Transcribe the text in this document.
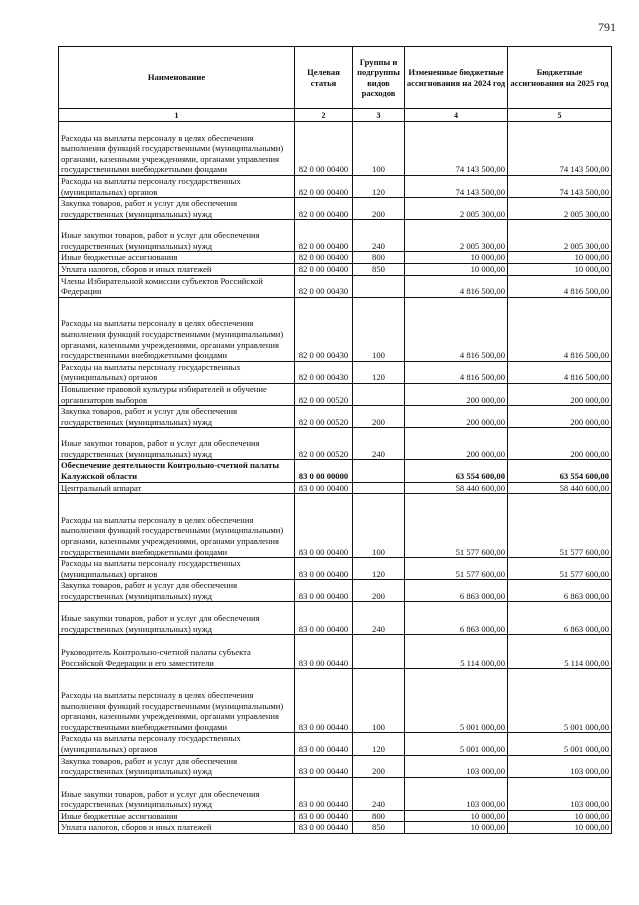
791
Наименование	Целевая статья	Группы и подгруппы видов расходов	Измененные бюджетные ассигнования на 2024 год	Бюджетные ассигнования на 2025 год
1	2	3	4	5
Расходы на выплаты персоналу в целях обеспечения выполнения функций государственными (муниципальными) органами, казенными учреждениями, органами управления государственными внебюджетными фондами	82 0 00 00400	100	74 143 500,00	74 143 500,00
Расходы на выплаты персоналу государственных (муниципальных) органов	82 0 00 00400	120	74 143 500,00	74 143 500,00
Закупка товаров, работ и услуг для обеспечения государственных (муниципальных) нужд	82 0 00 00400	200	2 005 300,00	2 005 300,00
Иные закупки товаров, работ и услуг для обеспечения государственных (муниципальных) нужд	82 0 00 00400	240	2 005 300,00	2 005 300,00
Иные бюджетные ассигнования	82 0 00 00400	800	10 000,00	10 000,00
Уплата налогов, сборов и иных платежей	82 0 00 00400	850	10 000,00	10 000,00
Члены Избирательной комиссии субъектов Российской Федерации	82 0 00 00430		4 816 500,00	4 816 500,00
Расходы на выплаты персоналу в целях обеспечения выполнения функций государственными (муниципальными) органами, казенными учреждениями, органами управления государственными внебюджетными фондами	82 0 00 00430	100	4 816 500,00	4 816 500,00
Расходы на выплаты персоналу государственных (муниципальных) органов	82 0 00 00430	120	4 816 500,00	4 816 500,00
Повышение правовой культуры избирателей и обучение организаторов выборов	82 0 00 00520		200 000,00	200 000,00
Закупка товаров, работ и услуг для обеспечения государственных (муниципальных) нужд	82 0 00 00520	200	200 000,00	200 000,00
Иные закупки товаров, работ и услуг для обеспечения государственных (муниципальных) нужд	82 0 00 00520	240	200 000,00	200 000,00
Обеспечение деятельности Контрольно-счетной палаты Калужской области	83 0 00 00000		63 554 600,00	63 554 600,00
Центральный аппарат	83 0 00 00400		58 440 600,00	58 440 600,00
Расходы на выплаты персоналу в целях обеспечения выполнения функций государственными (муниципальными) органами, казенными учреждениями, органами управления государственными внебюджетными фондами	83 0 00 00400	100	51 577 600,00	51 577 600,00
Расходы на выплаты персоналу государственных (муниципальных) органов	83 0 00 00400	120	51 577 600,00	51 577 600,00
Закупка товаров, работ и услуг для обеспечения государственных (муниципальных) нужд	83 0 00 00400	200	6 863 000,00	6 863 000,00
Иные закупки товаров, работ и услуг для обеспечения государственных (муниципальных) нужд	83 0 00 00400	240	6 863 000,00	6 863 000,00
Руководитель Контрольно-счетной палаты субъекта Российской Федерации и его заместители	83 0 00 00440		5 114 000,00	5 114 000,00
Расходы на выплаты персоналу в целях обеспечения выполнения функций государственными (муниципальными) органами, казенными учреждениями, органами управления государственными внебюджетными фондами	83 0 00 00440	100	5 001 000,00	5 001 000,00
Расходы на выплаты персоналу государственных (муниципальных) органов	83 0 00 00440	120	5 001 000,00	5 001 000,00
Закупка товаров, работ и услуг для обеспечения государственных (муниципальных) нужд	83 0 00 00440	200	103 000,00	103 000,00
Иные закупки товаров, работ и услуг для обеспечения государственных (муниципальных) нужд	83 0 00 00440	240	103 000,00	103 000,00
Иные бюджетные ассигнования	83 0 00 00440	800	10 000,00	10 000,00
Уплата налогов, сборов и иных платежей	83 0 00 00440	850	10 000,00	10 000,00
